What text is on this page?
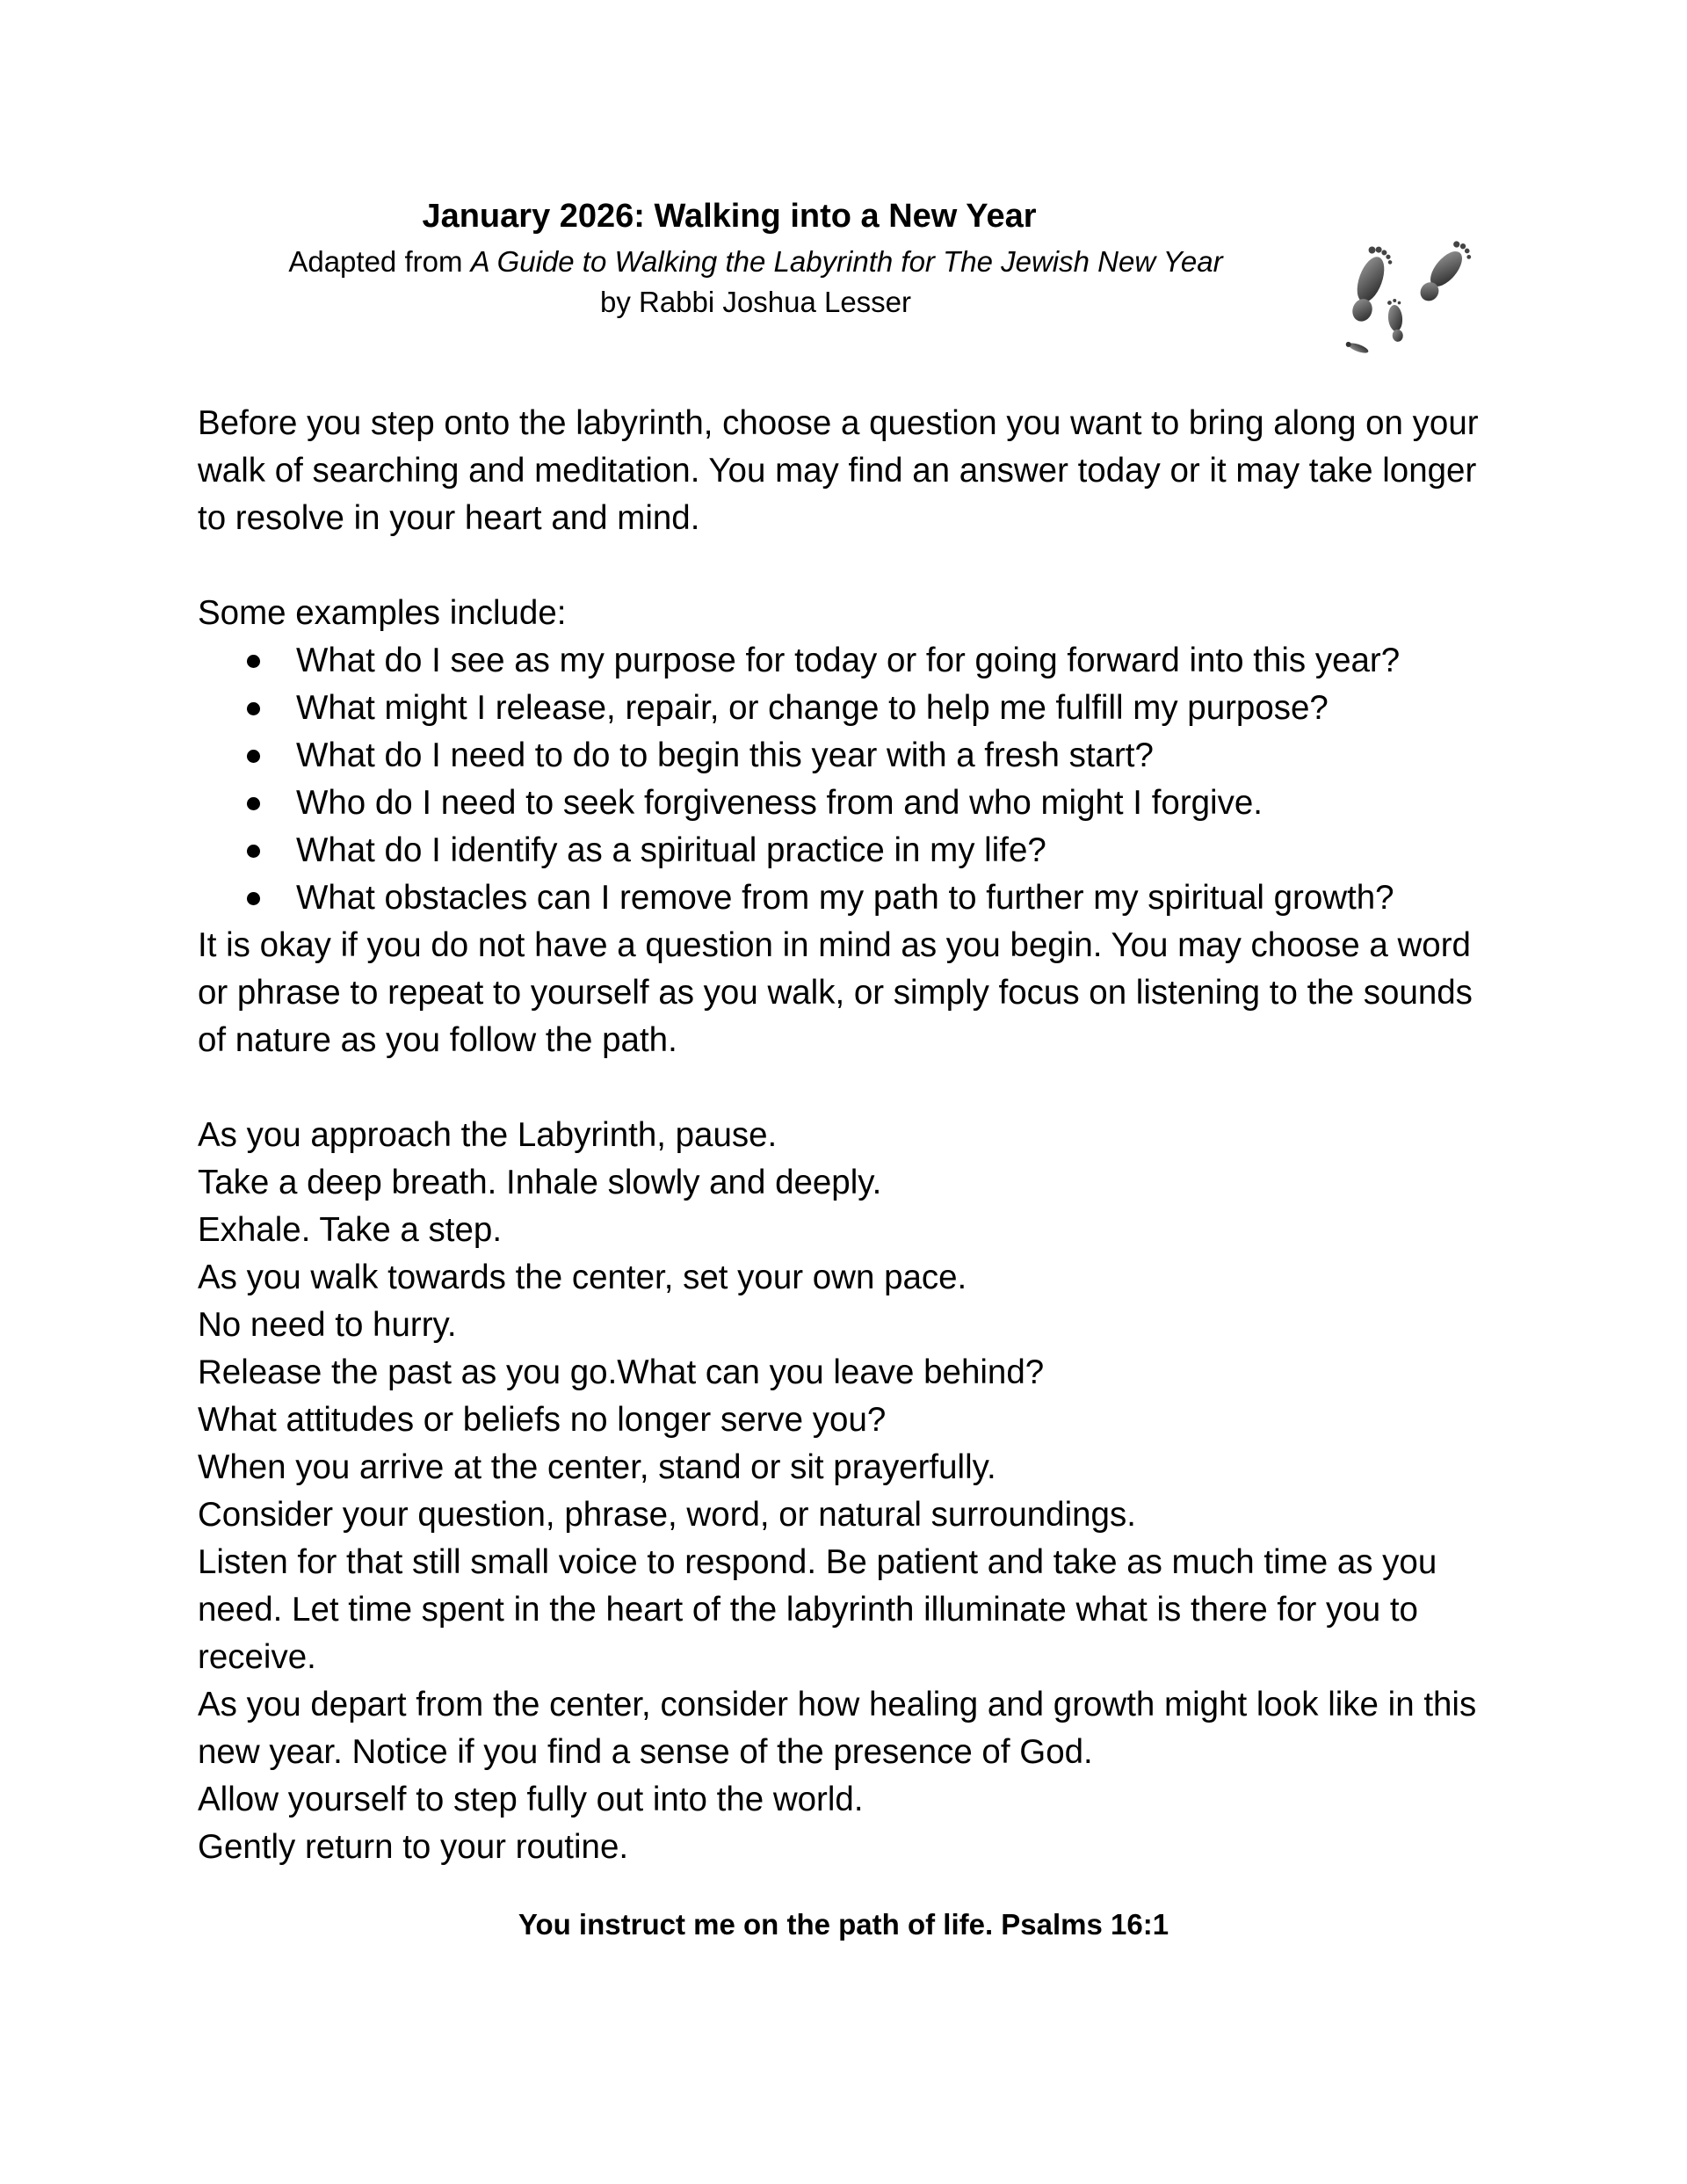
January 2026: Walking into a New Year
Adapted from A Guide to Walking the Labyrinth for The Jewish New Year
by Rabbi Joshua Lesser

Before you step onto the labyrinth, choose a question you want to bring along on your walk of searching and meditation. You may find an answer today or it may take longer to resolve in your heart and mind.

Some examples include:

What do I see as my purpose for today or for going forward into this year?
What might I release, repair, or change to help me fulfill my purpose?
What do I need to do to begin this year with a fresh start?
Who do I need to seek forgiveness from and who might I forgive.
What do I identify as a spiritual practice in my life?
What obstacles can I remove from my path to further my spiritual growth?

It is okay if you do not have a question in mind as you begin. You may choose a word or phrase to repeat to yourself as you walk, or simply focus on listening to the sounds of nature as you follow the path.

As you approach the Labyrinth, pause.

Take a deep breath. Inhale slowly and deeply.

Exhale. Take a step.

As you walk towards the center, set your own pace.

No need to hurry.

Release the past as you go.What can you leave behind?

What attitudes or beliefs no longer serve you?

When you arrive at the center, stand or sit prayerfully.

Consider your question, phrase, word, or natural surroundings.

Listen for that still small voice to respond. Be patient and take as much time as you need. Let time spent in the heart of the labyrinth illuminate what is there for you to receive.

As you depart from the center, consider how healing and growth might look like in this new year. Notice if you find a sense of the presence of God.

Allow yourself to step fully out into the world.

Gently return to your routine.

You instruct me on the path of life. Psalms 16:1
